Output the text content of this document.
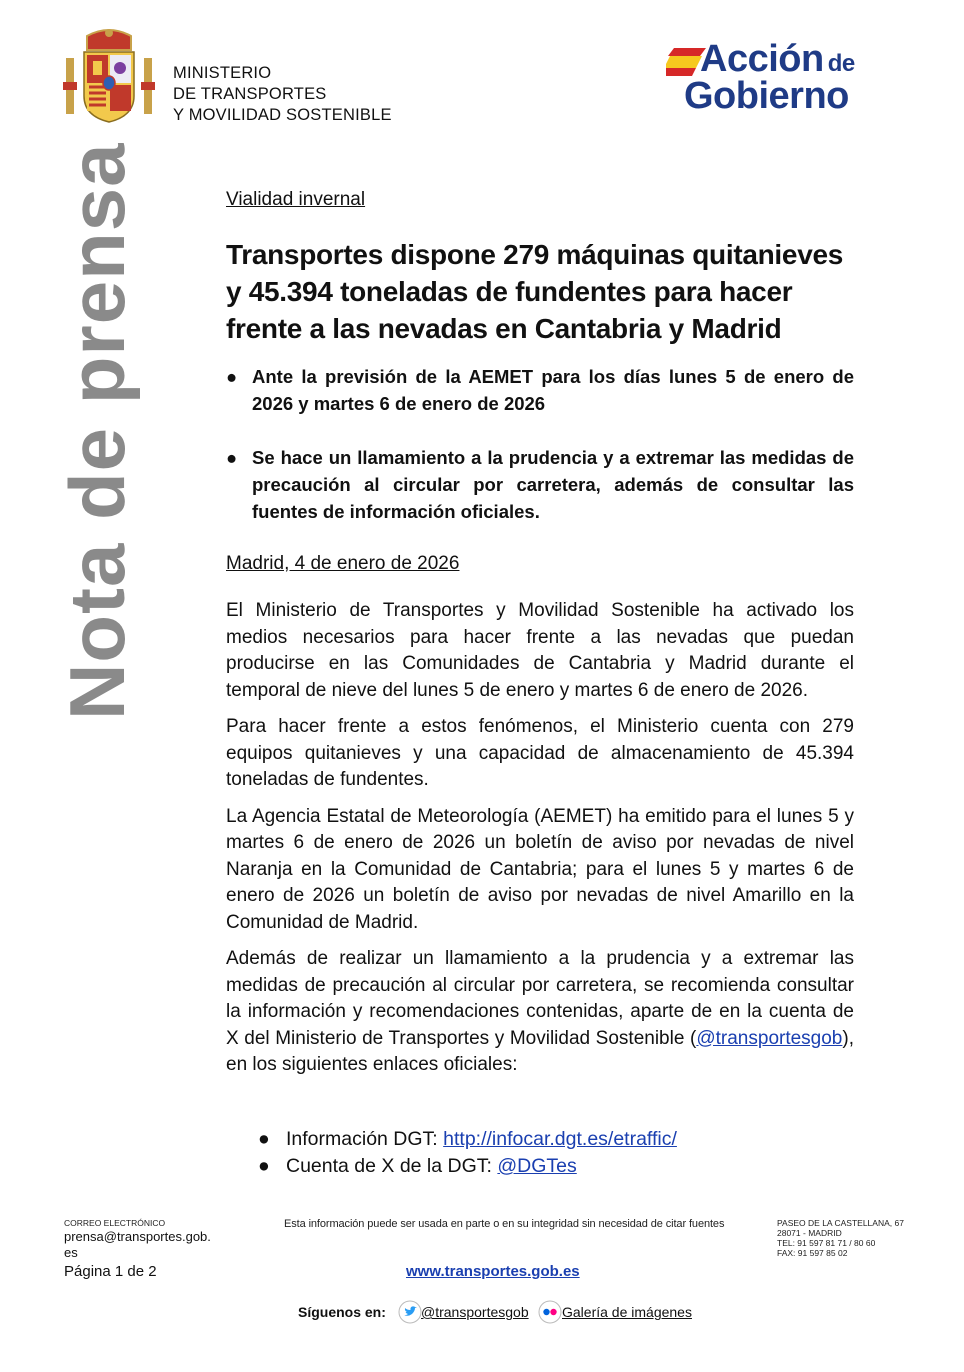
MINISTERIO
DE TRANSPORTES
Y MOVILIDAD SOSTENIBLE
Acción de
Gobierno
Nota de prensa	Vialidad invernal
Transportes dispone 279 máquinas quitanieves y 45.394 toneladas de fundentes para hacer frente a las nevadas en Cantabria y Madrid
● Ante la previsión de la AEMET para los días lunes 5 de enero de 2026 y martes 6 de enero de 2026
● Se hace un llamamiento a la prudencia y a extremar las medidas de precaución al circular por carretera, además de consultar las fuentes de información oficiales.
Madrid, 4 de enero de 2026

El Ministerio de Transportes y Movilidad Sostenible ha activado los medios necesarios para hacer frente a las nevadas que puedan producirse en las Comunidades de Cantabria y Madrid durante el temporal de nieve del lunes 5 de enero y martes 6 de enero de 2026.

Para hacer frente a estos fenómenos, el Ministerio cuenta con 279 equipos quitanieves y una capacidad de almacenamiento de 45.394 toneladas de fundentes.

La Agencia Estatal de Meteorología (AEMET) ha emitido para el lunes 5 y martes 6 de enero de 2026 un boletín de aviso por nevadas de nivel Naranja en la Comunidad de Cantabria; para el lunes 5 y martes 6 de enero de 2026 un boletín de aviso por nevadas de nivel Amarillo en la Comunidad de Madrid.

Además de realizar un llamamiento a la prudencia y a extremar las medidas de precaución al circular por carretera, se recomienda consultar la información y recomendaciones contenidas, aparte de en la cuenta de X del Ministerio de Transportes y Movilidad Sostenible (@transportesgob), en los siguientes enlaces oficiales:

● Información DGT: http://infocar.dgt.es/etraffic/
● Cuenta de X de la DGT: @DGTes
CORREO ELECTRÓNICO
prensa@transportes.gob.es
Página 1 de 2
Esta información puede ser usada en parte o en su integridad sin necesidad de citar fuentes	PASEO DE LA CASTELLANA, 67
28071 - MADRID
TEL: 91 597 81 71 / 80 60
FAX: 91 597 85 02
www.transportes.gob.es
Síguenos en:	@transportesgob Galería de imágenes
